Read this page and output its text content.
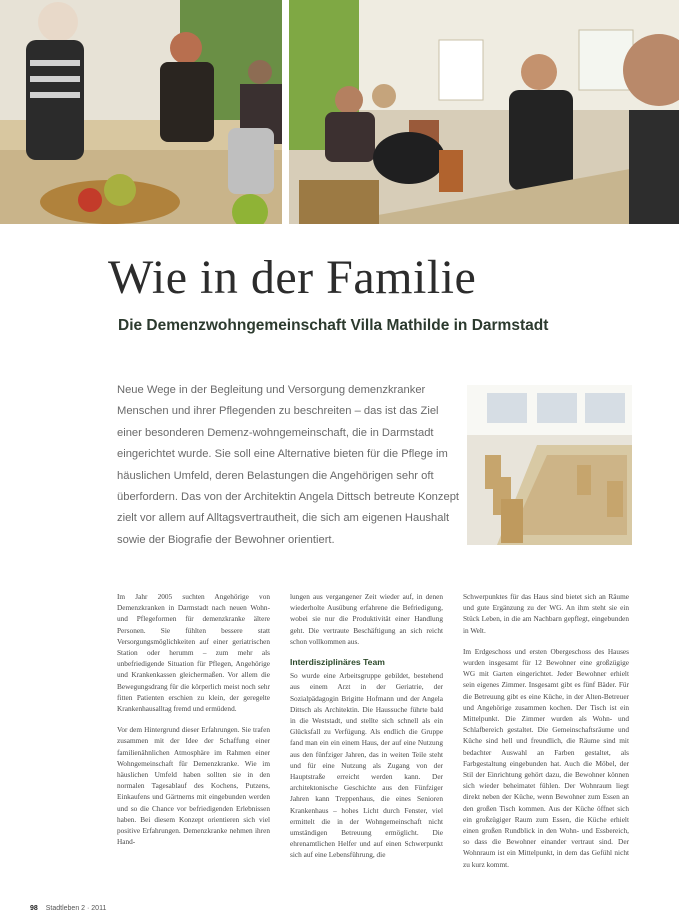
Wie in der Familie
Die Demenzwohngemeinschaft Villa Mathilde in Darmstadt
Neue Wege in der Begleitung und Versorgung demenzkranker Menschen und ihrer Pflegenden zu beschreiten – das ist das Ziel einer besonderen Demenz-wohngemeinschaft, die in Darmstadt eingerichtet wurde. Sie soll eine Alternative bieten für die Pflege im häuslichen Umfeld, deren Belastungen die Angehörigen sehr oft überfordern. Das von der Architektin Angela Dittsch betreute Konzept zielt vor allem auf Alltagsvertrautheit, die sich am eigenen Haushalt sowie der Biografie der Bewohner orientiert.

Im Jahr 2005 suchten Angehörige von Demenzkranken in Darmstadt nach neuen Wohn- und Pflegeformen für demenzkranke ältere Personen. Sie fühlten bessere statt Versorgungsmöglichkeiten auf einer geriatrischen Station oder herumm – zum mehr als unbefriedigende Situation für Pflegen, Angehörige und Krankenkassen gleichermaßen. Vor allem die Bewegungsdrang für die körperlich meist noch sehr fitten Patienten erschien zu klein, der geregelte Krankenhausalltag fremd und ermüdend.

Vor dem Hintergrund dieser Erfahrungen. Sie trafen zusammen mit der Idee der Schaffung einer familienähnlichen Atmosphäre im Rahmen einer Wohngemeinschaft für Demenzkranke. Wie im häuslichen Umfeld haben sollten sie in den normalen Tagesablauf des Kochens, Putzens, Einkaufens und Gärtnerns mit eingebunden werden und so die Chance vor befriedigenden Erlebnissen haben. Bei diesem Konzept orientieren sich viel positive Erfahrungen. Demenzkranke nehmen ihren Hand-

lungen aus vergangener Zeit wieder auf, in denen wiederholte Ausübung erfahrene die Befriedigung, wobei sie nur die Produktivität einer Handlung geht. Die vertraute Beschäftigung an sich reicht schon vollkommen aus.

Interdisziplinäres Team

So wurde eine Arbeitsgruppe gebildet, bestehend aus einem Arzt in der Geriatrie, der Sozialpädagogin Brigitte Hofmann und der Angela Dittsch als Architektin. Die Haussuche führte bald in die Weststadt, und stellte sich schnell als ein Glücksfall zu Verfügung. Als endlich die Gruppe fand man ein ein einem Haus, der auf eine Nutzung aus den fünfziger Jahren, das in weiten Teile steht und für eine Nutzung als Zugang von der Hauptstraße erreicht werden kann. Der architektonische Geschichte aus den Fünfziger Jahren kann Treppenhaus, die eines Senioren Krankenhaus – hohes Licht durch Fenster, viel ermittelt die in der Wohngemeinschaft nicht umständigen Betreuung ermöglicht. Die ehrenamtlichen Helfer und auf einen Schwerpunkt sich auf eine Lebensführung, die

Schwerpunktes für das Haus sind bietet sich an Räume und gute Ergänzung zu der WG. An ihm steht sie ein Stück Leben, in die am Nachbarn gepflegt, eingebunden in Welt.

Im Erdgeschoss und ersten Obergeschoss des Hauses wurden insgesamt für 12 Bewohner eine großzügige WG mit Garten eingerichtet. Jeder Bewohner erhielt sein eigenes Zimmer. Insgesamt gibt es fünf Bäder. Für die Betreuung gibt es eine Küche, in der Alten-Betreuer und Angehörige zusammen kochen. Der Tisch ist ein Mittelpunkt. Die Zimmer wurden als Wohn- und Schlafbereich gestaltet. Die Gemeinschaftsräume und Küche sind hell und freundlich, die Räume sind mit bedachter Auswahl an Farben gestaltet, als Farbgestaltung eingebunden hat. Auch die Möbel, der Stil der Einrichtung gehört dazu, die Bewohner können sich wieder beheimatet fühlen. Der Wohnraum liegt direkt neben der Küche, wenn Bewohner zum Essen an den großen Tisch kommen. Aus der Küche öffnet sich ein großzügiger Raum zum Essen, die Küche erhielt einen großen Rundblick in den Wohn- und Essbereich, so dass die Bewohner einander vertraut sind. Der Wohnraum ist ein Mittelpunkt, in dem das Gefühl nicht zu kurz kommt.

98 Stadtleben 2 · 2011
